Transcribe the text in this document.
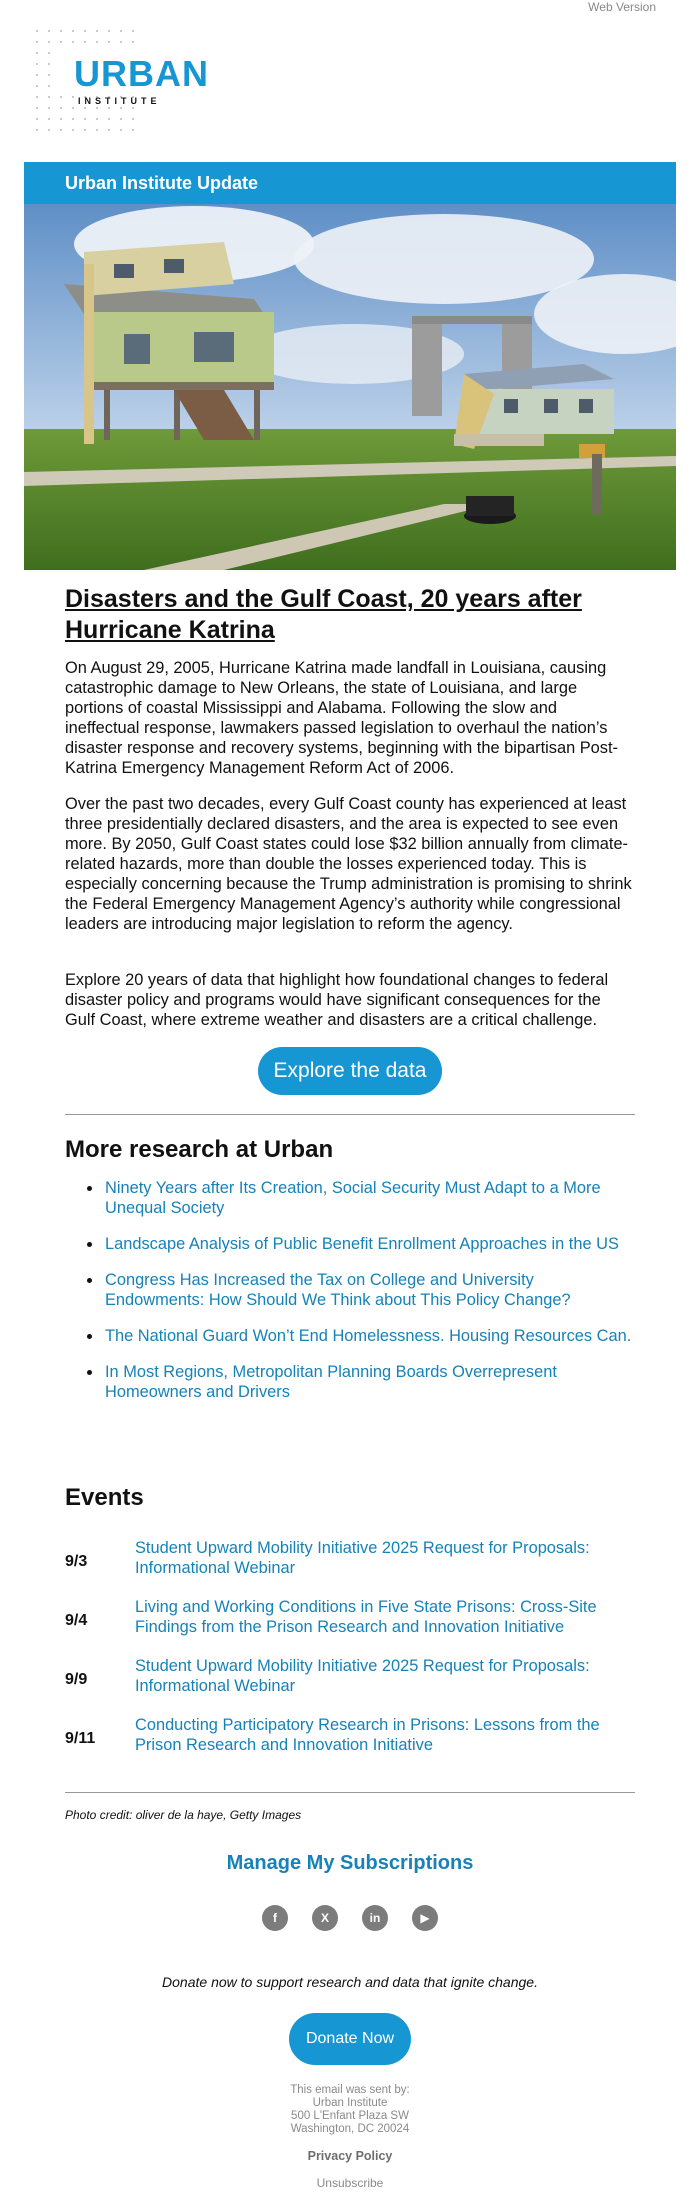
Web Version
URBAN
INSTITUTE
Urban Institute Update
Disasters and the Gulf Coast, 20 years after Hurricane Katrina

On August 29, 2005, Hurricane Katrina made landfall in Louisiana, causing catastrophic damage to New Orleans, the state of Louisiana, and large portions of coastal Mississippi and Alabama. Following the slow and ineffectual response, lawmakers passed legislation to overhaul the nation’s disaster response and recovery systems, beginning with the bipartisan Post-Katrina Emergency Management Reform Act of 2006.

Over the past two decades, every Gulf Coast county has experienced at least three presidentially declared disasters, and the area is expected to see even more. By 2050, Gulf Coast states could lose $32 billion annually from climate-related hazards, more than double the losses experienced today. This is especially concerning because the Trump administration is promising to shrink the Federal Emergency Management Agency’s authority while congressional leaders are introducing major legislation to reform the agency.

Explore 20 years of data that highlight how foundational changes to federal disaster policy and programs would have significant consequences for the Gulf Coast, where extreme weather and disasters are a critical challenge.

Explore the data
More research at Urban
Ninety Years after Its Creation, Social Security Must Adapt to a More Unequal Society
Landscape Analysis of Public Benefit Enrollment Approaches in the US
Congress Has Increased the Tax on College and University Endowments: How Should We Think about This Policy Change?
The National Guard Won’t End Homelessness. Housing Resources Can.
In Most Regions, Metropolitan Planning Boards Overrepresent Homeowners and Drivers
Events
9/3
Student Upward Mobility Initiative 2025 Request for Proposals: Informational Webinar
9/4
Living and Working Conditions in Five State Prisons: Cross-Site Findings from the Prison Research and Innovation Initiative
9/9
Student Upward Mobility Initiative 2025 Request for Proposals: Informational Webinar
9/11
Conducting Participatory Research in Prisons: Lessons from the Prison Research and Innovation Initiative
Photo credit: oliver de la haye, Getty Images
Manage My Subscriptions
f	X	in	▶
Donate now to support research and data that ignite change.
Donate Now
This email was sent by:
Urban Institute
500 L'Enfant Plaza SW
Washington, DC 20024
Privacy Policy
Unsubscribe
